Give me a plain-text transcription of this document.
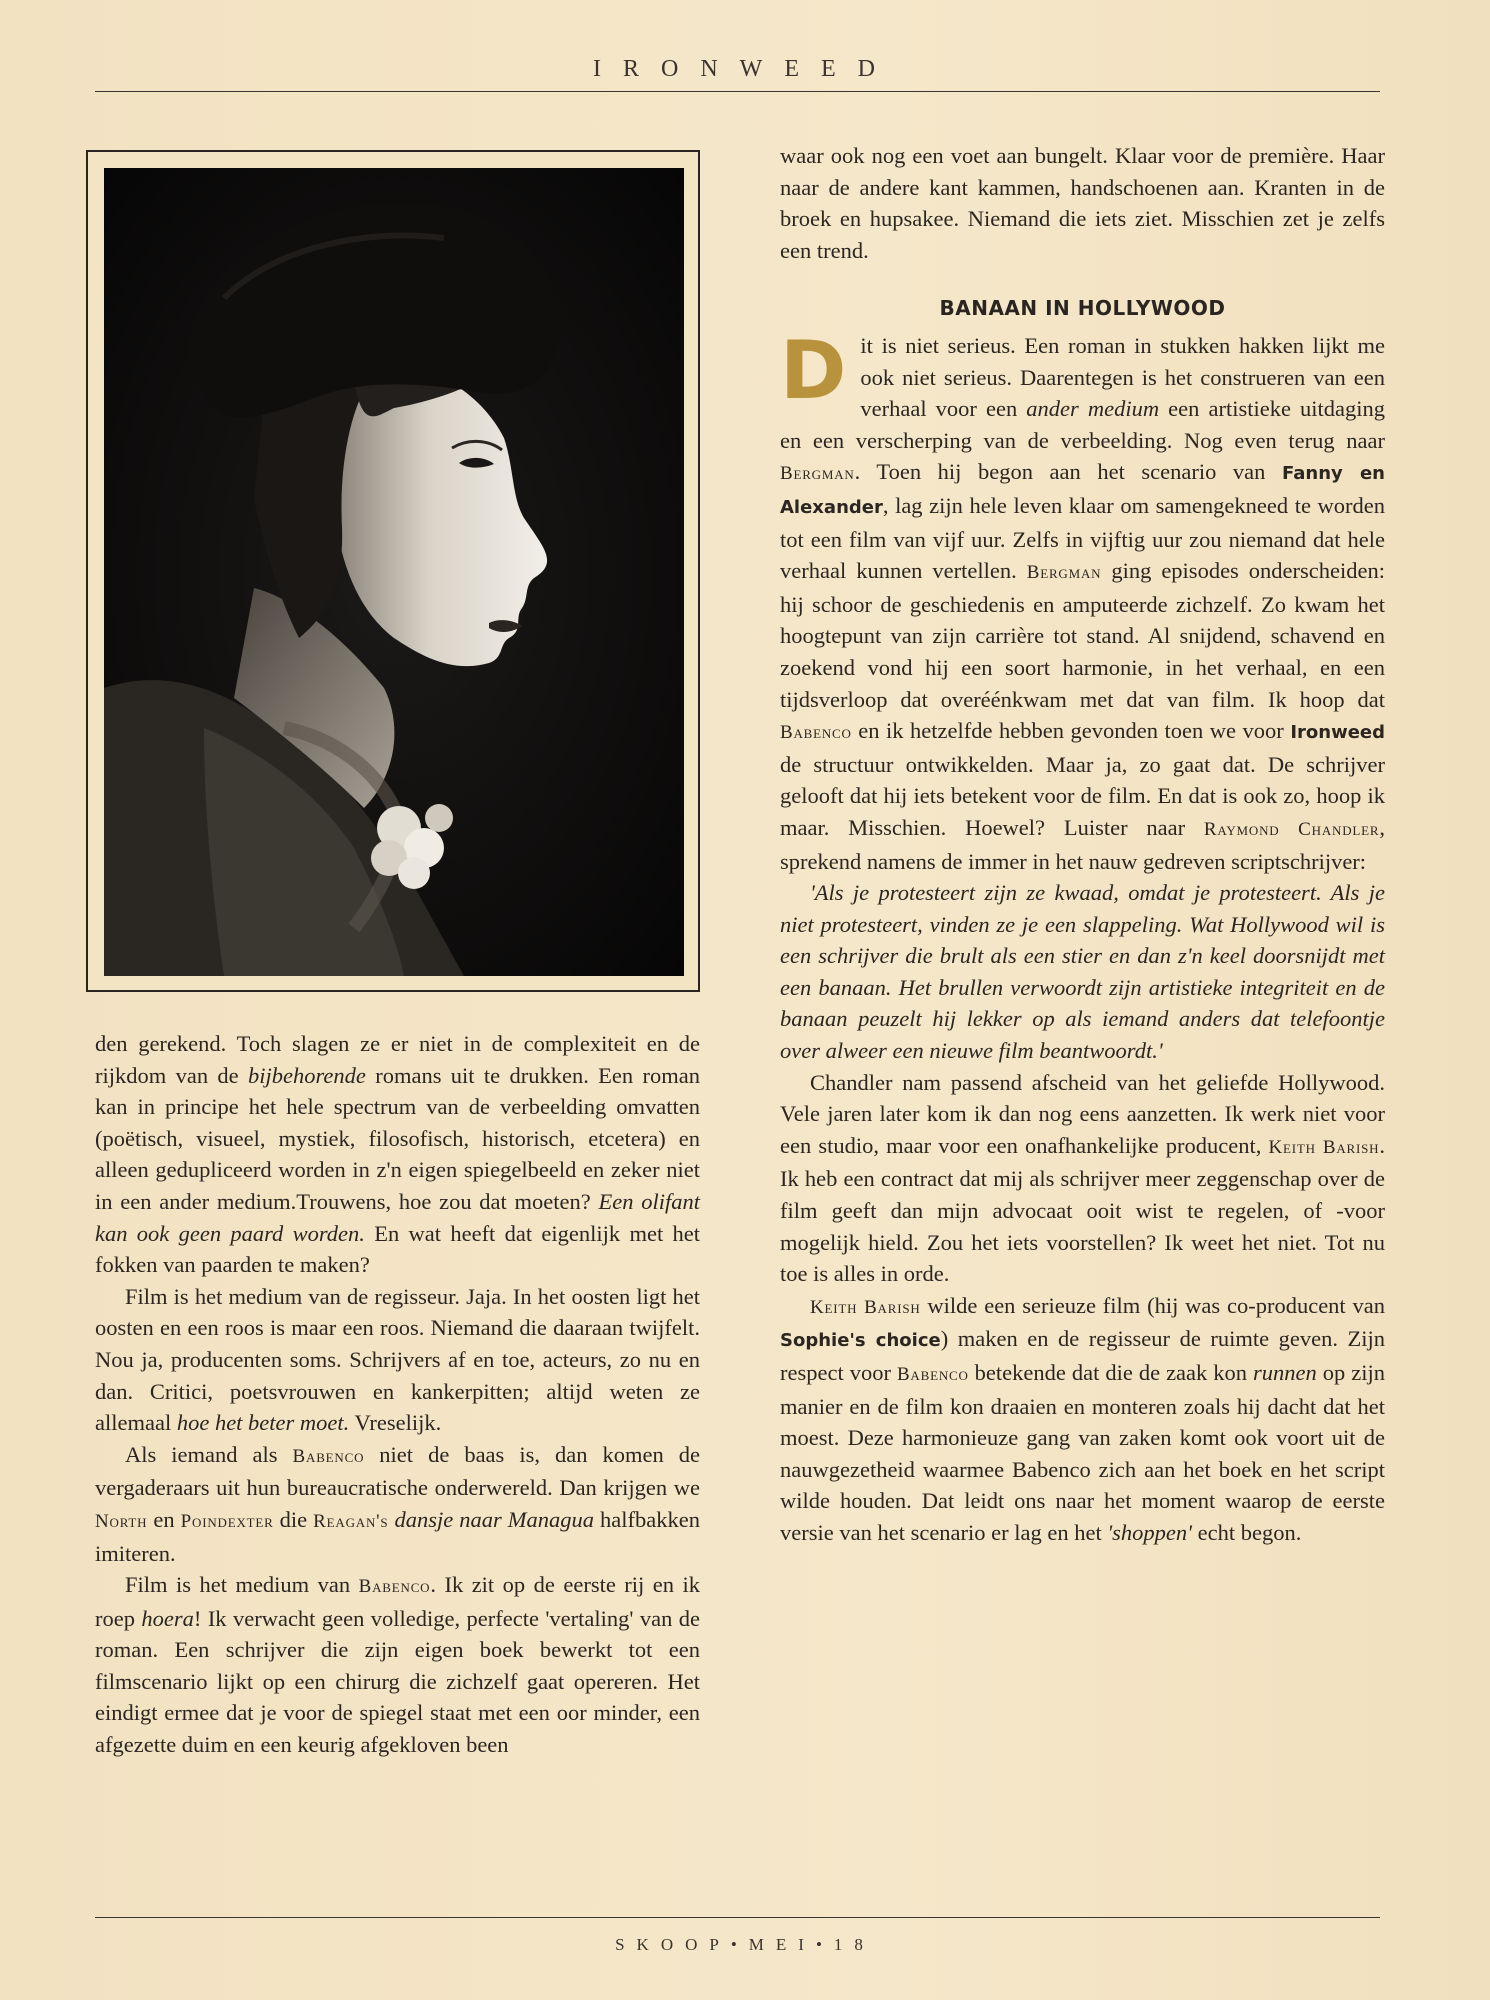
IRONWEED

waar ook nog een voet aan bungelt. Klaar voor de première. Haar naar de andere kant kammen, handschoenen aan. Kranten in de broek en hupsakee. Niemand die iets ziet. Misschien zet je zelfs een trend.

BANAAN IN HOLLYWOOD

Dit is niet serieus. Een roman in stukken hakken lijkt me ook niet serieus. Daarentegen is het construeren van een verhaal voor een ander medium een artistieke uitdaging en een verscherping van de verbeelding. Nog even terug naar Bergman. Toen hij begon aan het scenario van Fanny en Alexander, lag zijn hele leven klaar om samengekneed te worden tot een film van vijf uur. Zelfs in vijftig uur zou niemand dat hele verhaal kunnen vertellen. Bergman ging episodes onderscheiden: hij schoor de geschiedenis en amputeerde zichzelf. Zo kwam het hoogtepunt van zijn carrière tot stand. Al snijdend, schavend en zoekend vond hij een soort harmonie, in het verhaal, en een tijdsverloop dat overéénkwam met dat van film. Ik hoop dat Babenco en ik hetzelfde hebben gevonden toen we voor Ironweed de structuur ontwikkelden. Maar ja, zo gaat dat. De schrijver gelooft dat hij iets betekent voor de film. En dat is ook zo, hoop ik maar. Misschien. Hoewel? Luister naar Raymond Chandler, sprekend namens de immer in het nauw gedreven scriptschrijver:

'Als je protesteert zijn ze kwaad, omdat je protesteert. Als je niet protesteert, vinden ze je een slappeling. Wat Hollywood wil is een schrijver die brult als een stier en dan z'n keel doorsnijdt met een banaan. Het brullen verwoordt zijn artistieke integriteit en de banaan peuzelt hij lekker op als iemand anders dat telefoontje over alweer een nieuwe film beantwoordt.'

Chandler nam passend afscheid van het geliefde Hollywood. Vele jaren later kom ik dan nog eens aanzetten. Ik werk niet voor een studio, maar voor een onafhankelijke producent, Keith Barish. Ik heb een contract dat mij als schrijver meer zeggenschap over de film geeft dan mijn advocaat ooit wist te regelen, of -voor mogelijk hield. Zou het iets voorstellen? Ik weet het niet. Tot nu toe is alles in orde.

Keith Barish wilde een serieuze film (hij was co-producent van Sophie's choice) maken en de regisseur de ruimte geven. Zijn respect voor Babenco betekende dat die de zaak kon runnen op zijn manier en de film kon draaien en monteren zoals hij dacht dat het moest. Deze harmonieuze gang van zaken komt ook voort uit de nauwgezetheid waarmee Babenco zich aan het boek en het script wilde houden. Dat leidt ons naar het moment waarop de eerste versie van het scenario er lag en het 'shoppen' echt begon.

den gerekend. Toch slagen ze er niet in de complexiteit en de rijkdom van de bijbehorende romans uit te drukken. Een roman kan in principe het hele spectrum van de verbeelding omvatten (poëtisch, visueel, mystiek, filosofisch, historisch, etcetera) en alleen gedupliceerd worden in z'n eigen spiegelbeeld en zeker niet in een ander medium.Trouwens, hoe zou dat moeten? Een olifant kan ook geen paard worden. En wat heeft dat eigenlijk met het fokken van paarden te maken?

Film is het medium van de regisseur. Jaja. In het oosten ligt het oosten en een roos is maar een roos. Niemand die daaraan twijfelt. Nou ja, producenten soms. Schrijvers af en toe, acteurs, zo nu en dan. Critici, poetsvrouwen en kankerpitten; altijd weten ze allemaal hoe het beter moet. Vreselijk.

Als iemand als Babenco niet de baas is, dan komen de vergaderaars uit hun bureaucratische onderwereld. Dan krijgen we North en Poindexter die Reagan's dansje naar Managua halfbakken imiteren.

Film is het medium van Babenco. Ik zit op de eerste rij en ik roep hoera! Ik verwacht geen volledige, perfecte 'vertaling' van de roman. Een schrijver die zijn eigen boek bewerkt tot een filmscenario lijkt op een chirurg die zichzelf gaat opereren. Het eindigt ermee dat je voor de spiegel staat met een oor minder, een afgezette duim en een keurig afgekloven been

SKOOP•MEI•18
